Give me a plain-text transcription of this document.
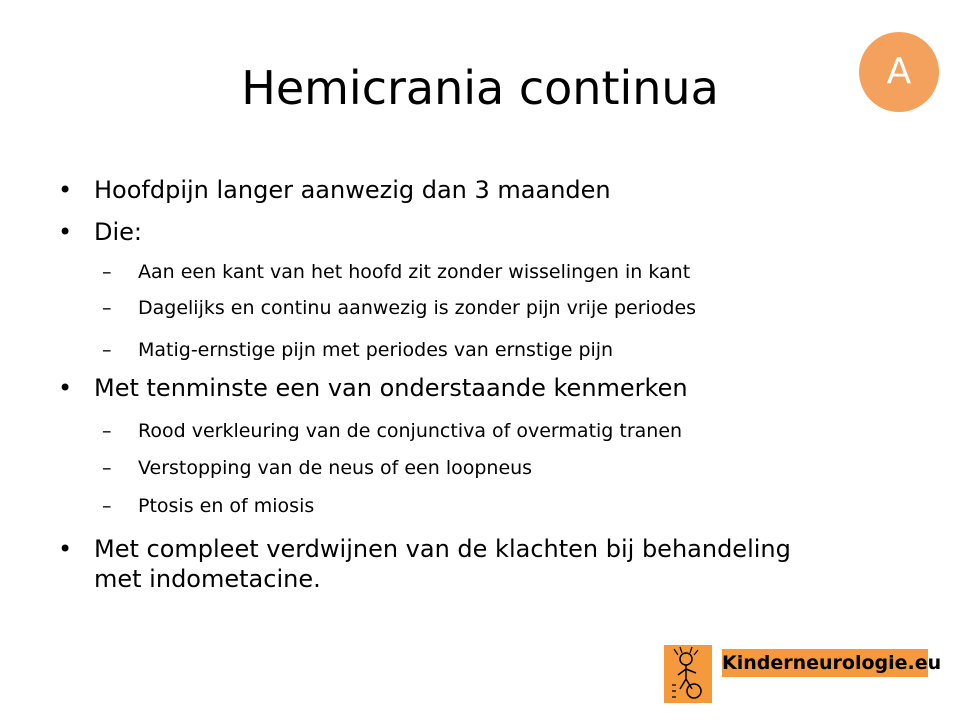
Hemicrania continua	A
• Hoofdpijn langer aanwezig dan 3 maanden
• Die:
– Aan een kant van het hoofd zit zonder wisselingen in kant
– Dagelijks en continu aanwezig is zonder pijn vrije periodes
– Matig-ernstige pijn met periodes van ernstige pijn
• Met tenminste een van onderstaande kenmerken
– Rood verkleuring van de conjunctiva of overmatig tranen
– Verstopping van de neus of een loopneus
– Ptosis en of miosis
• Met compleet verdwijnen van de klachten bij behandeling met indometacine.
Kinderneurologie.eu
